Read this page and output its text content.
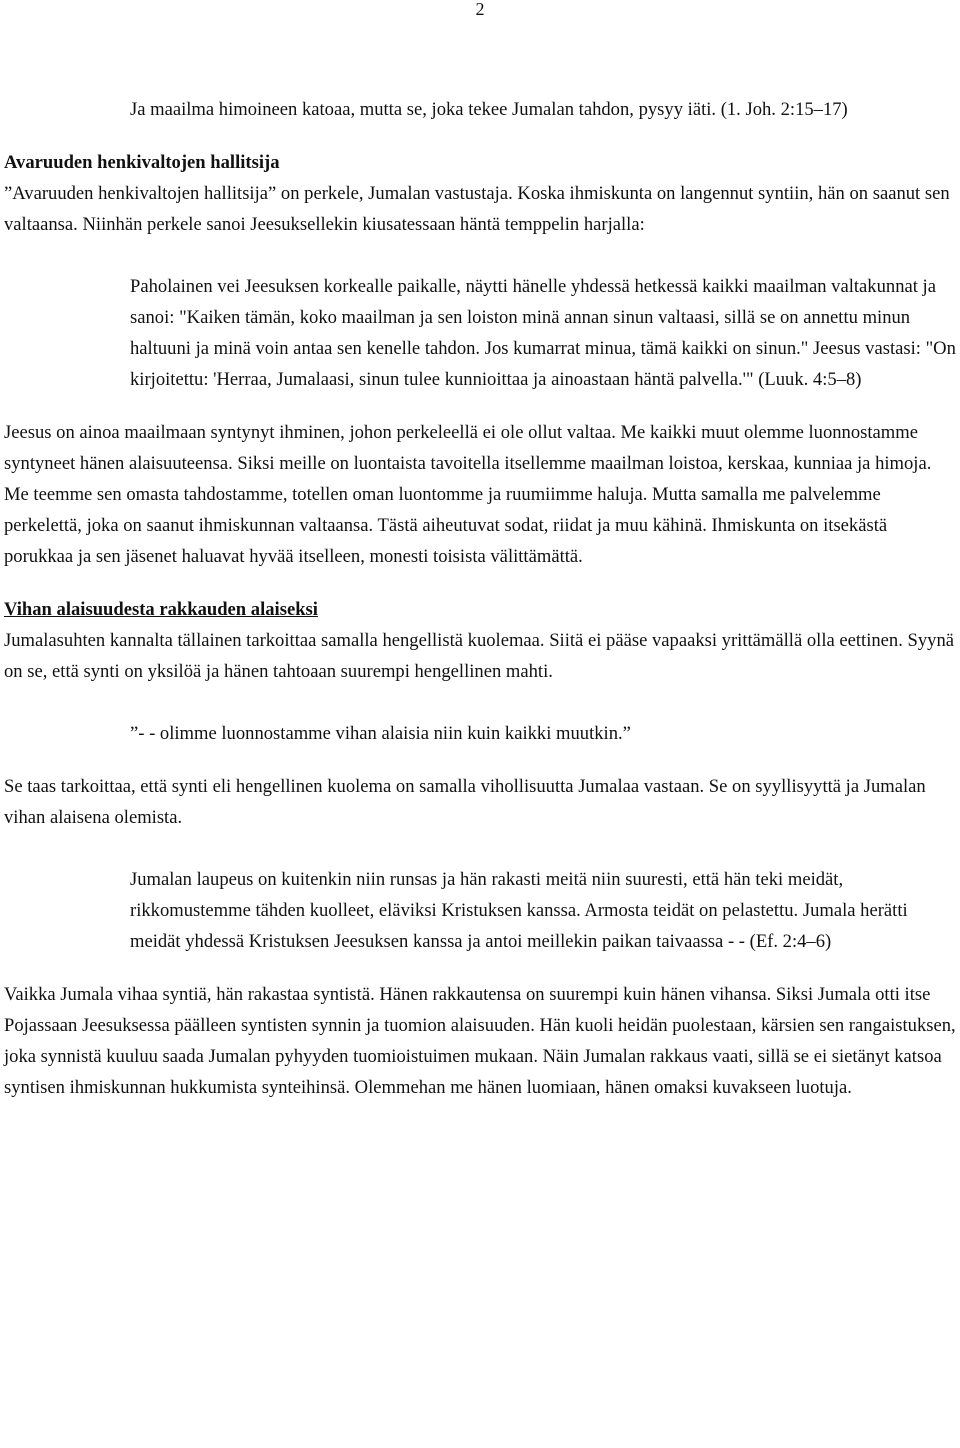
2

Ja maailma himoineen katoaa, mutta se, joka tekee Jumalan tahdon, pysyy iäti. (1. Joh. 2:15–17)

Avaruuden henkivaltojen hallitsija

”Avaruuden henkivaltojen hallitsija” on perkele, Jumalan vastustaja. Koska ihmiskunta on langennut syntiin, hän on saanut sen valtaansa. Niinhän perkele sanoi Jeesuksellekin kiusatessaan häntä temppelin harjalla:

Paholainen vei Jeesuksen korkealle paikalle, näytti hänelle yhdessä hetkessä kaikki maailman valtakunnat ja sanoi: "Kaiken tämän, koko maailman ja sen loiston minä annan sinun valtaasi, sillä se on annettu minun haltuuni ja minä voin antaa sen kenelle tahdon. Jos kumarrat minua, tämä kaikki on sinun." Jeesus vastasi: "On kirjoitettu: 'Herraa, Jumalaasi, sinun tulee kunnioittaa ja ainoastaan häntä palvella.'" (Luuk. 4:5–8)

Jeesus on ainoa maailmaan syntynyt ihminen, johon perkeleellä ei ole ollut valtaa. Me kaikki muut olemme luonnostamme syntyneet hänen alaisuuteensa. Siksi meille on luontaista tavoitella itsellemme maailman loistoa, kerskaa, kunniaa ja himoja. Me teemme sen omasta tahdostamme, totellen oman luontomme ja ruumiimme haluja. Mutta samalla me palvelemme perkelettä, joka on saanut ihmiskunnan valtaansa. Tästä aiheutuvat sodat, riidat ja muu kähinä. Ihmiskunta on itsekästä porukkaa ja sen jäsenet haluavat hyvää itselleen, monesti toisista välittämättä.

Vihan alaisuudesta rakkauden alaiseksi

Jumalasuhten kannalta tällainen tarkoittaa samalla hengellistä kuolemaa. Siitä ei pääse vapaaksi yrittämällä olla eettinen. Syynä on se, että synti on yksilöä ja hänen tahtoaan suurempi hengellinen mahti.

”- - olimme luonnostamme vihan alaisia niin kuin kaikki muutkin.”

Se taas tarkoittaa, että synti eli hengellinen kuolema on samalla vihollisuutta Jumalaa vastaan. Se on syyllisyyttä ja Jumalan vihan alaisena olemista.

Jumalan laupeus on kuitenkin niin runsas ja hän rakasti meitä niin suuresti, että hän teki meidät, rikkomustemme tähden kuolleet, eläviksi Kristuksen kanssa. Armosta teidät on pelastettu. Jumala herätti meidät yhdessä Kristuksen Jeesuksen kanssa ja antoi meillekin paikan taivaassa - - (Ef. 2:4–6)

Vaikka Jumala vihaa syntiä, hän rakastaa syntistä. Hänen rakkautensa on suurempi kuin hänen vihansa. Siksi Jumala otti itse Pojassaan Jeesuksessa päälleen syntisten synnin ja tuomion alaisuuden. Hän kuoli heidän puolestaan, kärsien sen rangaistuksen, joka synnistä kuuluu saada Jumalan pyhyyden tuomioistuimen mukaan. Näin Jumalan rakkaus vaati, sillä se ei sietänyt katsoa syntisen ihmiskunnan hukkumista synteihinsä. Olemmehan me hänen luomiaan, hänen omaksi kuvakseen luotuja.
